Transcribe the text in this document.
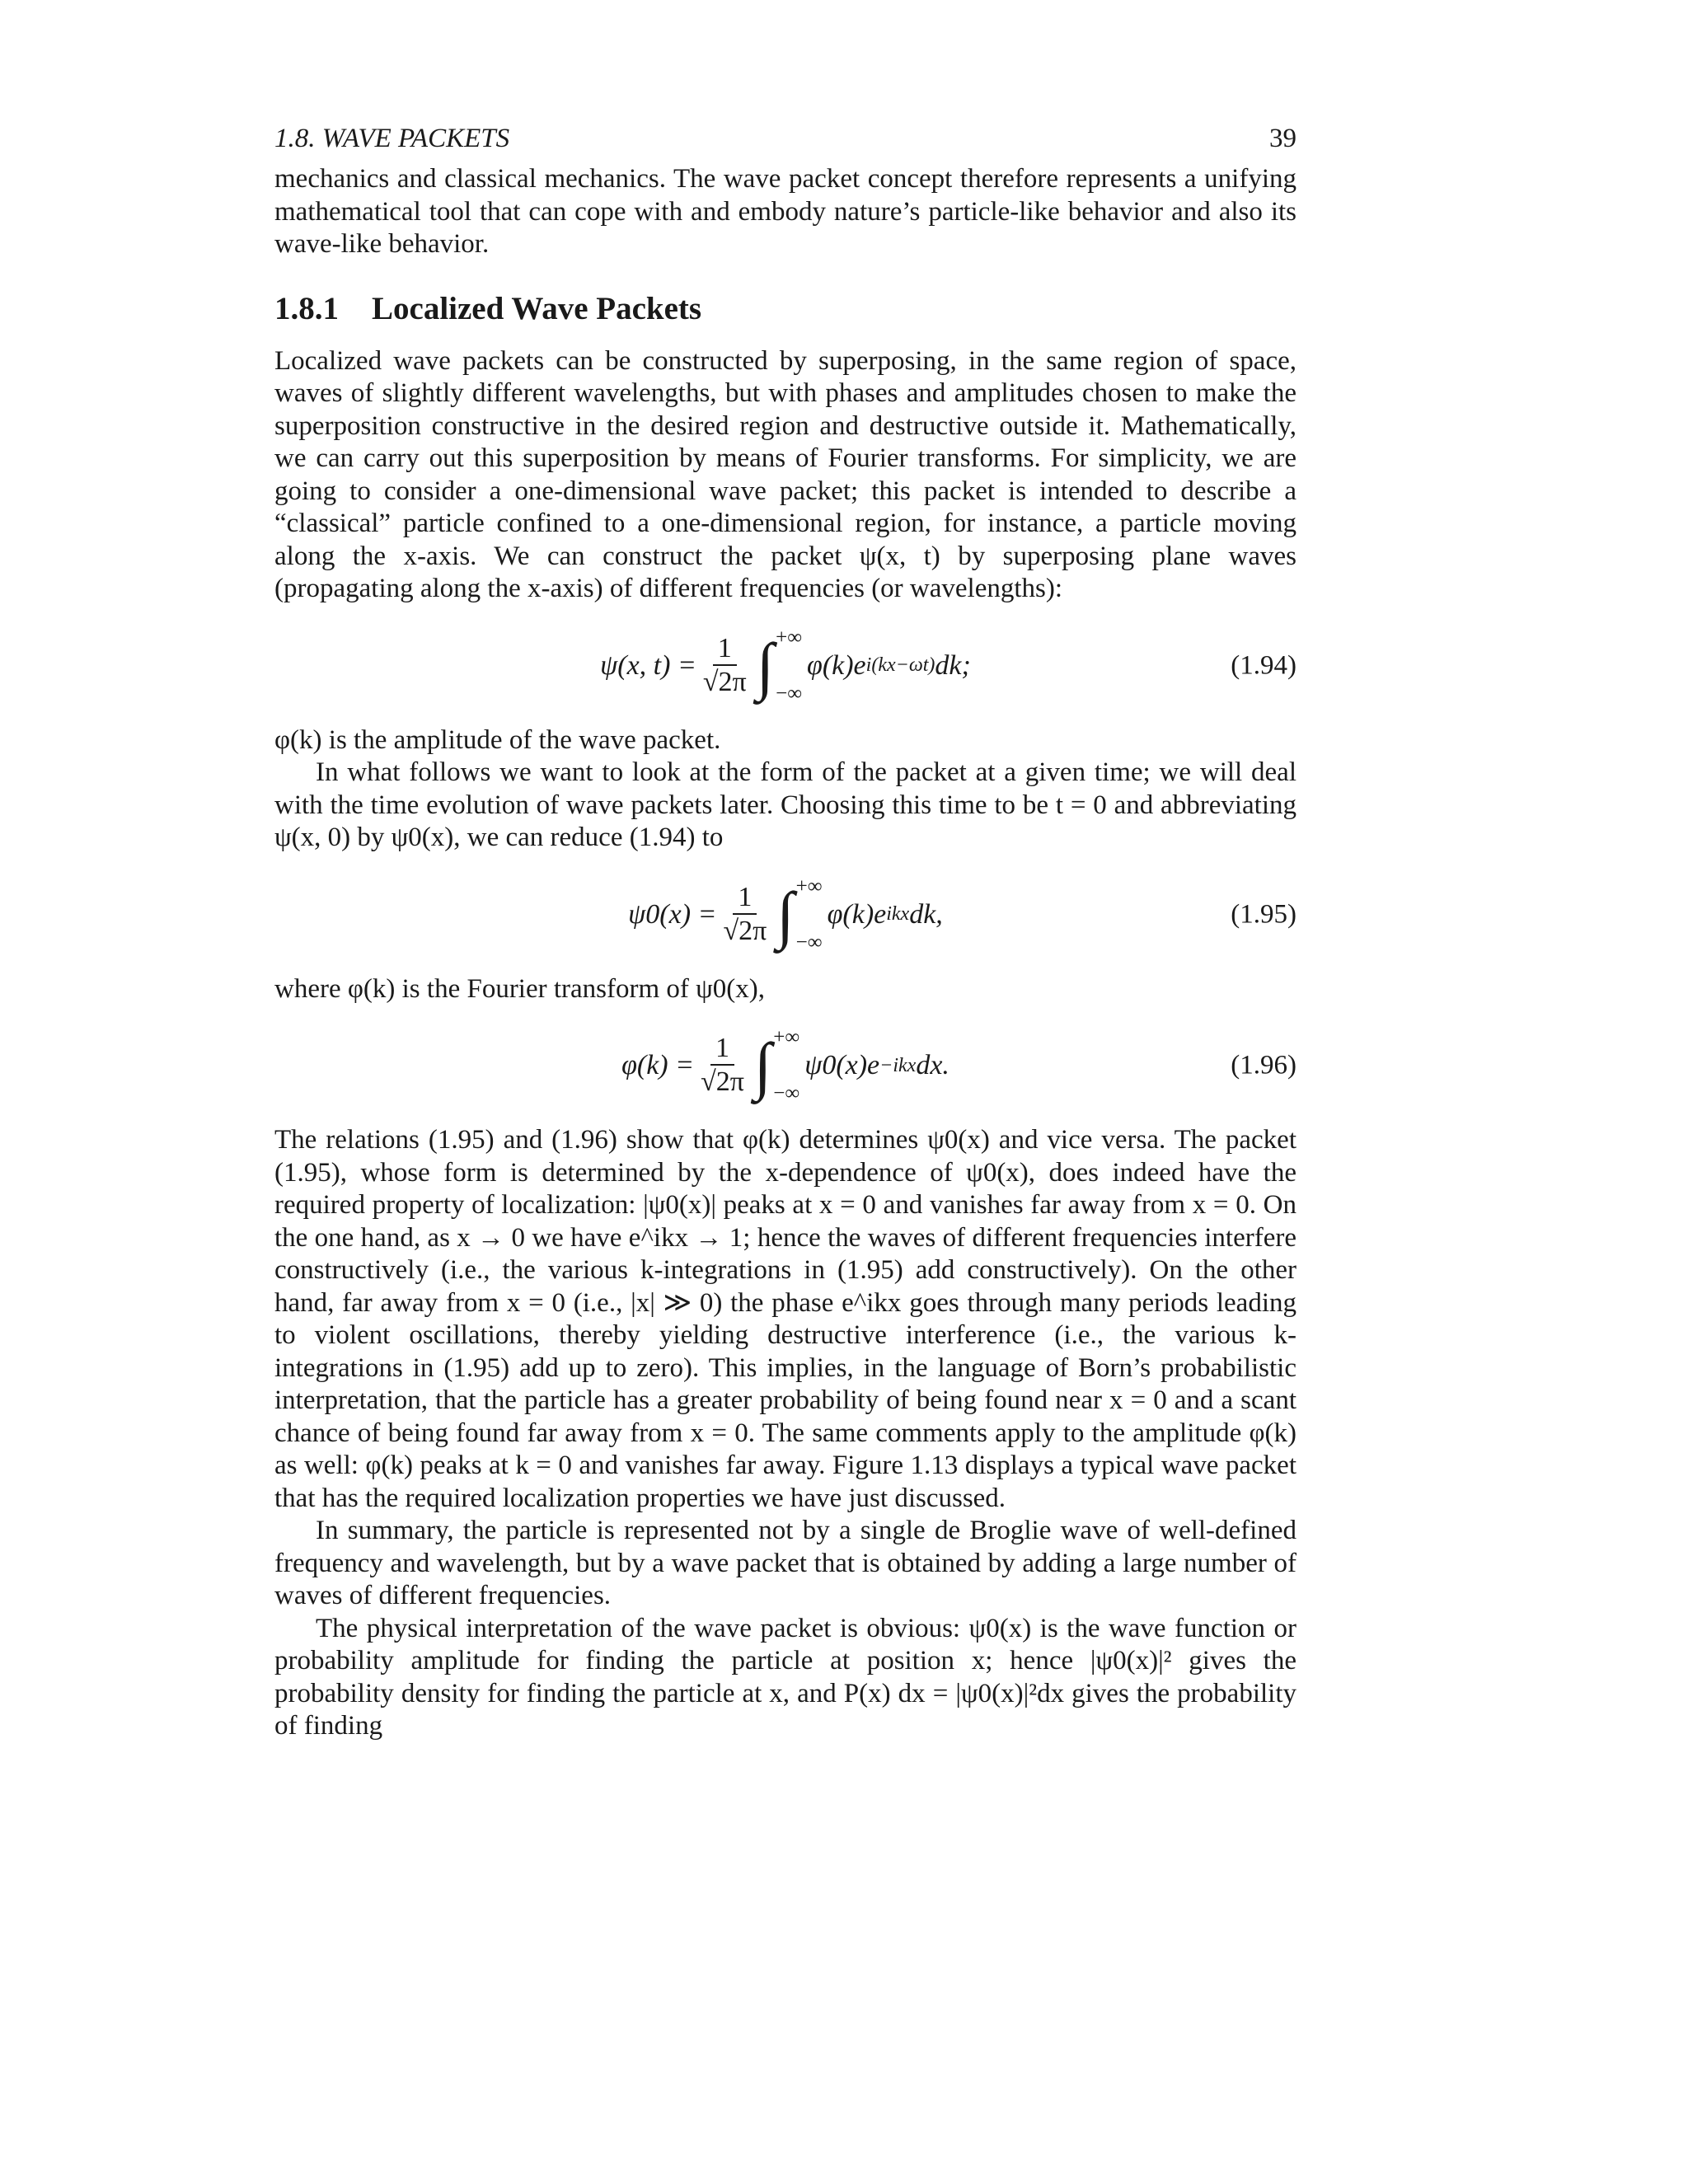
1.8. WAVE PACKETS	39

mechanics and classical mechanics. The wave packet concept therefore represents a unifying mathematical tool that can cope with and embody nature’s particle-like behavior and also its wave-like behavior.

1.8.1 Localized Wave Packets

Localized wave packets can be constructed by superposing, in the same region of space, waves of slightly different wavelengths, but with phases and amplitudes chosen to make the superposition constructive in the desired region and destructive outside it. Mathematically, we can carry out this superposition by means of Fourier transforms. For simplicity, we are going to consider a one-dimensional wave packet; this packet is intended to describe a “classical” particle confined to a one-dimensional region, for instance, a particle moving along the x-axis. We can construct the packet ψ(x, t) by superposing plane waves (propagating along the x-axis) of different frequencies (or wavelengths):

ψ(x, $t) = \frac{1}{√2\pi}$ ∫ +∞
−∞
φ(k)e i(kx−ωt) dk;	(1.94)

φ(k) is the amplitude of the wave packet.

In what follows we want to look at the form of the packet at a given time; we will deal with the time evolution of wave packets later. Choosing this time to be t = 0 and abbreviating ψ(x, 0) by ψ0(x), we can reduce (1.94) to

$\psi 0(x) = \frac{1}{√2\pi}$ ∫ +∞
−∞
φ(k)e ikx dk,	(1.95)

where φ(k) is the Fourier transform of ψ0(x),

$\varphi(k) = \frac{1}{√2\pi}$ ∫ +∞
−∞
ψ0(x)e −ikx dx.	(1.96)

The relations (1.95) and (1.96) show that φ(k) determines ψ0(x) and vice versa. The packet (1.95), whose form is determined by the x-dependence of ψ0(x), does indeed have the required property of localization: |ψ0(x)| peaks at x = 0 and vanishes far away from x = 0. On the one hand, as x → 0 we have e^ikx → 1; hence the waves of different frequencies interfere constructively (i.e., the various k-integrations in (1.95) add constructively). On the other hand, far away from x = 0 (i.e., |x| ≫ 0) the phase e^ikx goes through many periods leading to violent oscillations, thereby yielding destructive interference (i.e., the various k-integrations in (1.95) add up to zero). This implies, in the language of Born’s probabilistic interpretation, that the particle has a greater probability of being found near x = 0 and a scant chance of being found far away from x = 0. The same comments apply to the amplitude φ(k) as well: φ(k) peaks at k = 0 and vanishes far away. Figure 1.13 displays a typical wave packet that has the required localization properties we have just discussed.

In summary, the particle is represented not by a single de Broglie wave of well-defined frequency and wavelength, but by a wave packet that is obtained by adding a large number of waves of different frequencies.

The physical interpretation of the wave packet is obvious: ψ0(x) is the wave function or probability amplitude for finding the particle at position x; hence |ψ0(x)|² gives the probability density for finding the particle at x, and P(x) dx = |ψ0(x)|²dx gives the probability of finding
